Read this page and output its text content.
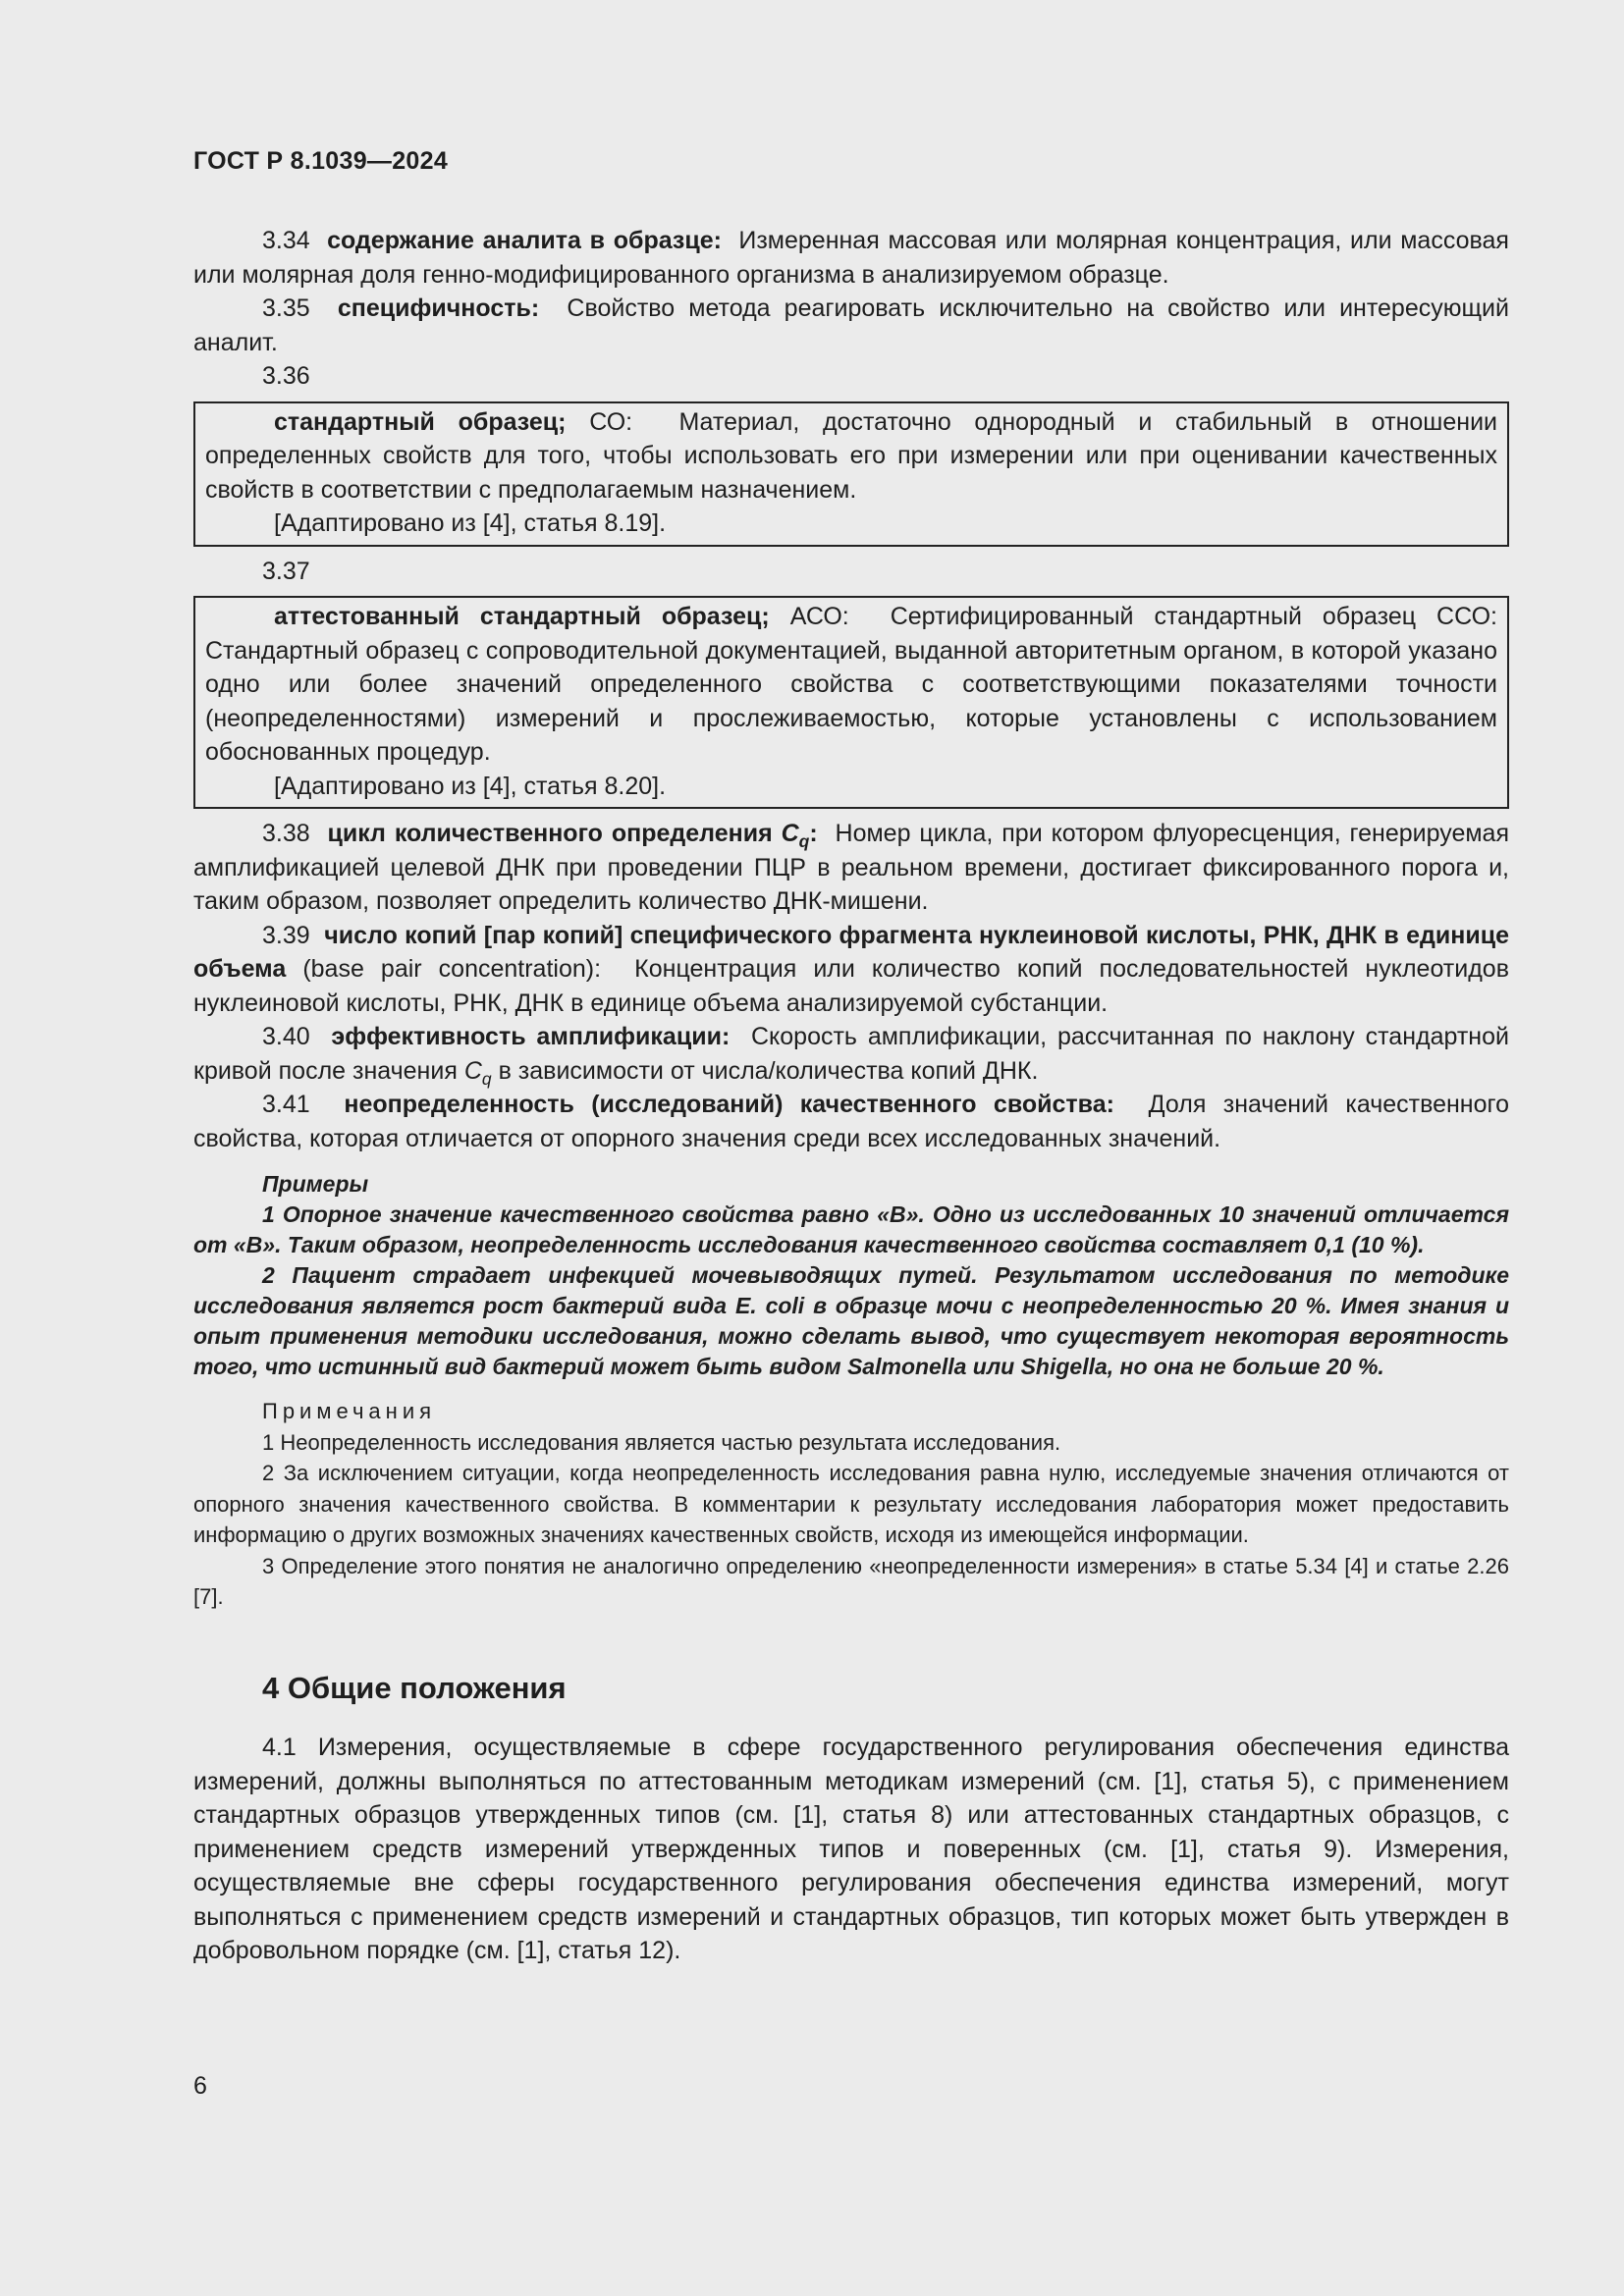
ГОСТ Р 8.1039—2024

3.34 содержание аналита в образце: Измеренная массовая или молярная концентрация, или массовая или молярная доля генно-модифицированного организма в анализируемом образце.

3.35 специфичность: Свойство метода реагировать исключительно на свойство или интересующий аналит.

3.36

стандартный образец; СО: Материал, достаточно однородный и стабильный в отношении определенных свойств для того, чтобы использовать его при измерении или при оценивании качественных свойств в соответствии с предполагаемым назначением.

[Адаптировано из [4], статья 8.19].

3.37

аттестованный стандартный образец; АСО: Сертифицированный стандартный образец ССО: Стандартный образец с сопроводительной документацией, выданной авторитетным органом, в которой указано одно или более значений определенного свойства с соответствующими показателями точности (неопределенностями) измерений и прослеживаемостью, которые установлены с использованием обоснованных процедур.

[Адаптировано из [4], статья 8.20].

3.38 цикл количественного определения $C_q$: Номер цикла, при котором флуоресценция, генерируемая амплификацией целевой ДНК при проведении ПЦР в реальном времени, достигает фиксированного порога и, таким образом, позволяет определить количество ДНК-мишени.

3.39 число копий [пар копий] специфического фрагмента нуклеиновой кислоты, РНК, ДНК в единице объема (base pair concentration): Концентрация или количество копий последовательностей нуклеотидов нуклеиновой кислоты, РНК, ДНК в единице объема анализируемой субстанции.

3.40 эффективность амплификации: Скорость амплификации, рассчитанная по наклону стандартной кривой после значения $C_q$ в зависимости от числа/количества копий ДНК.

3.41 неопределенность (исследований) качественного свойства: Доля значений качественного свойства, которая отличается от опорного значения среди всех исследованных значений.

Примеры

1 Опорное значение качественного свойства равно «В». Одно из исследованных 10 значений отличается от «В». Таким образом, неопределенность исследования качественного свойства составляет 0,1 (10 %).

2 Пациент страдает инфекцией мочевыводящих путей. Результатом исследования по методике исследования является рост бактерий вида E. coli в образце мочи с неопределенностью 20 %. Имея знания и опыт применения методики исследования, можно сделать вывод, что существует некоторая вероятность того, что истинный вид бактерий может быть видом Salmonella или Shigella, но она не больше 20 %.

Примечания

1 Неопределенность исследования является частью результата исследования.

2 За исключением ситуации, когда неопределенность исследования равна нулю, исследуемые значения отличаются от опорного значения качественного свойства. В комментарии к результату исследования лаборатория может предоставить информацию о других возможных значениях качественных свойств, исходя из имеющейся информации.

3 Определение этого понятия не аналогично определению «неопределенности измерения» в статье 5.34 [4] и статье 2.26 [7].

4 Общие положения

4.1 Измерения, осуществляемые в сфере государственного регулирования обеспечения единства измерений, должны выполняться по аттестованным методикам измерений (см. [1], статья 5), с применением стандартных образцов утвержденных типов (см. [1], статья 8) или аттестованных стандартных образцов, с применением средств измерений утвержденных типов и поверенных (см. [1], статья 9). Измерения, осуществляемые вне сферы государственного регулирования обеспечения единства измерений, могут выполняться с применением средств измерений и стандартных образцов, тип которых может быть утвержден в добровольном порядке (см. [1], статья 12).

6
